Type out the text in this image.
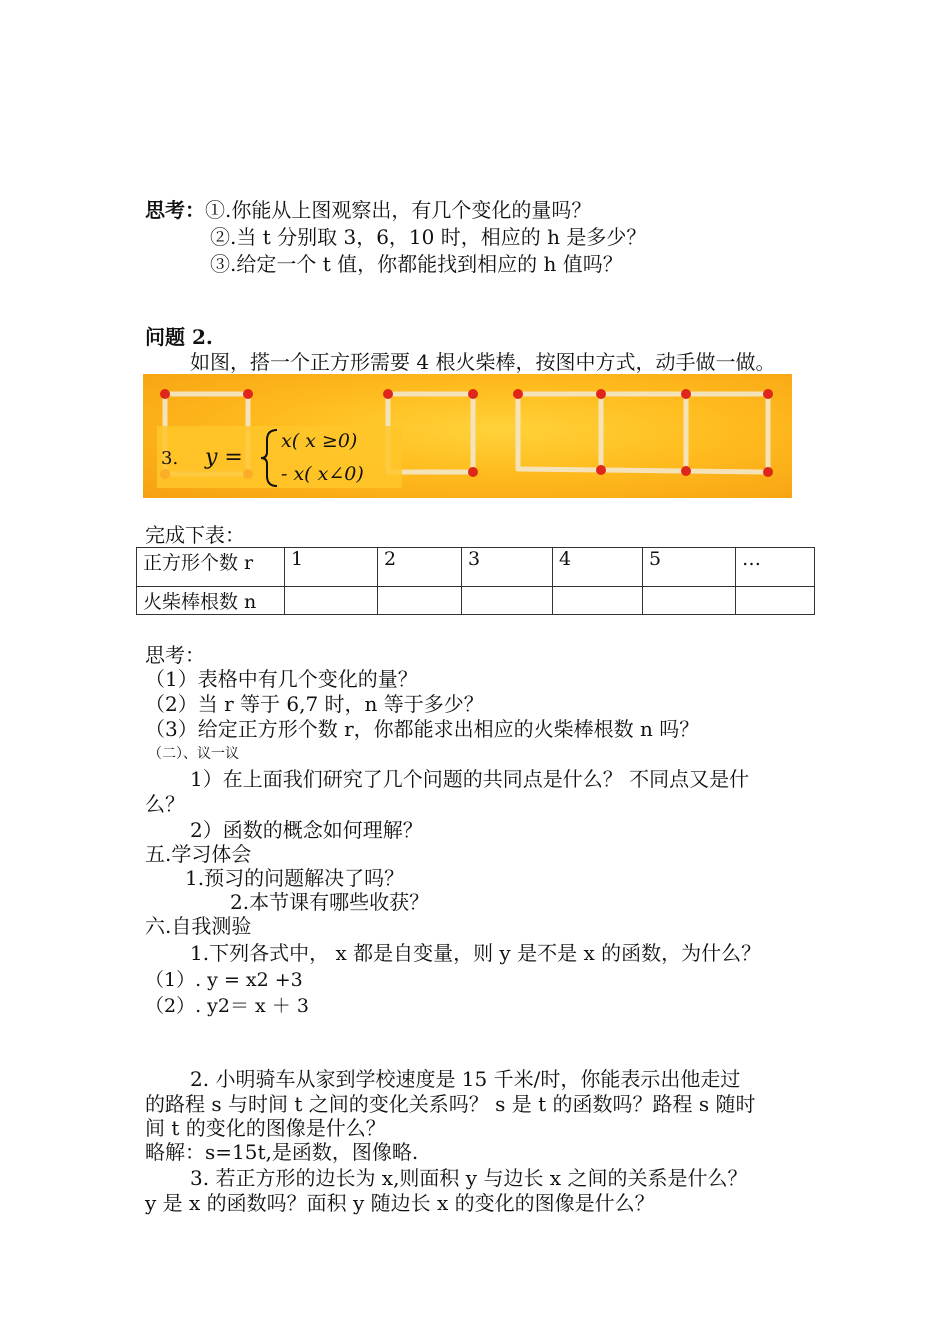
思考：①.你能从上图观察出，有几个变化的量吗？
②.当 t 分别取 3，6，10 时，相应的 h 是多少？
③.给定一个 t 值，你都能找到相应的 h 值吗？
问题 2.
如图，搭一个正方形需要 4 根火柴棒，按图中方式，动手做一做。
3. y =
x( x ≥0)
- x( x∠0)
完成下表：
正方形个数 r	1	2	3	4	5	…
火柴棒根数 n						
思考：
（1）表格中有几个变化的量？
（2）当 r 等于 6,7 时，n 等于多少？
（3）给定正方形个数 r，你都能求出相应的火柴棒根数 n 吗？
（二）、议一议
1）在上面我们研究了几个问题的共同点是什么？ 不同点又是什
么？
2）函数的概念如何理解？
五.学习体会
1.预习的问题解决了吗？
2.本节课有哪些收获？
六.自我测验
1.下列各式中， x 都是自变量，则 y 是不是 x 的函数，为什么？
（1）. y = x2 +3
（2）. y2＝ x ＋ 3
2. 小明骑车从家到学校速度是 15 千米/时，你能表示出他走过
的路程 s 与时间 t 之间的变化关系吗？ s 是 t 的函数吗？路程 s 随时
间 t 的变化的图像是什么？
略解：s=15t,是函数，图像略.
3. 若正方形的边长为 x,则面积 y 与边长 x 之间的关系是什么？
y 是 x 的函数吗？面积 y 随边长 x 的变化的图像是什么？
